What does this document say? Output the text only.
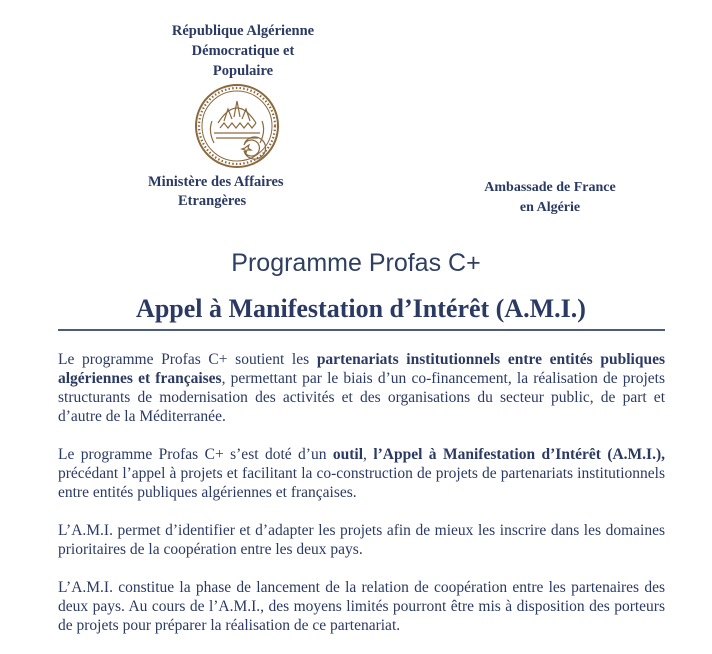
République Algérienne
Démocratique et
Populaire
Ministère des Affaires
Etrangères
Ambassade de France
en Algérie
Programme Profas C+
Appel à Manifestation d’Intérêt (A.M.I.)

Le programme Profas C+ soutient les partenariats institutionnels entre entités publiques algériennes et françaises, permettant par le biais d’un co-financement, la réalisation de projets structurants de modernisation des activités et des organisations du secteur public, de part et d’autre de la Méditerranée.

Le programme Profas C+ s’est doté d’un outil, l’Appel à Manifestation d’Intérêt (A.M.I.), précédant l’appel à projets et facilitant la co-construction de projets de partenariats institutionnels entre entités publiques algériennes et françaises.

L’A.M.I. permet d’identifier et d’adapter les projets afin de mieux les inscrire dans les domaines prioritaires de la coopération entre les deux pays.

L’A.M.I. constitue la phase de lancement de la relation de coopération entre les partenaires des deux pays. Au cours de l’A.M.I., des moyens limités pourront être mis à disposition des porteurs de projets pour préparer la réalisation de ce partenariat.
